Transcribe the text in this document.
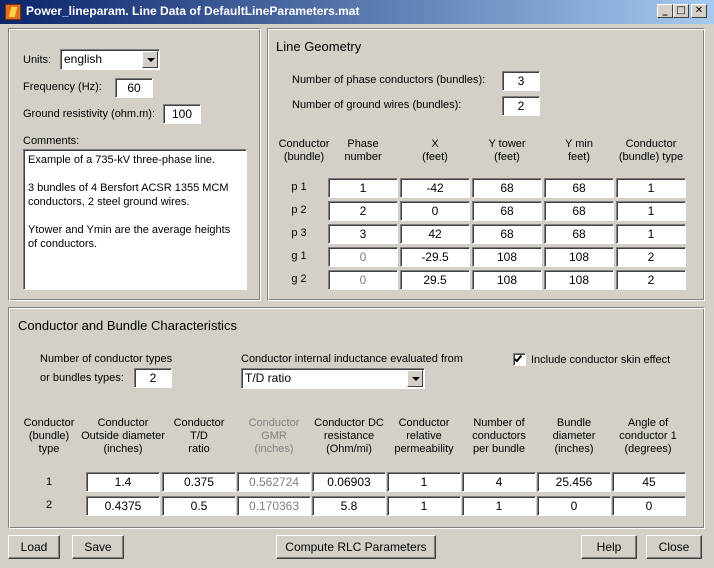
Power_lineparam. Line Data of DefaultLineParameters.mat	_ □ ✕
Units:	english
Frequency (Hz):	60
Ground resistivity (ohm.m):	100
Comments:
Example of a 735-kV three-phase line.
3 bundles of 4 Bersfort ACSR 1355 MCM
conductors, 2 steel ground wires.
Ytower and Ymin are the average heights
of conductors.
Line Geometry
Number of phase conductors (bundles):	3
Number of ground wires (bundles):	2
Conductor
(bundle)
Phase
number
X
(feet)
Y tower
(feet)
Y min
feet)
Conductor
(bundle) type
p 1	1	-42	68	68	1
p 2	2	0	68	68	1
p 3	3	42	68	68	1
g 1	0	-29.5	108	108	2
g 2	0	29.5	108	108	2
Conductor and Bundle Characteristics
Number of conductor types
or bundles types:	2
Conductor internal inductance evaluated from
T/D ratio
Include conductor skin effect
Conductor
(bundle)
type
Conductor
Outside diameter
(inches)
Conductor
T/D
ratio
Conductor
GMR
(inches)
Conductor DC
resistance
(Ohm/mi)
Conductor
relative
permeability
Number of
conductors
per bundle
Bundle
diameter
(inches)
Angle of
conductor 1
(degrees)
1	1.4	0.375	0.562724	0.06903	1	4	25.456	45
2	0.4375	0.5	0.170363	5.8	1	1	0	0
Load	Save	Compute RLC Parameters	Help	Close
